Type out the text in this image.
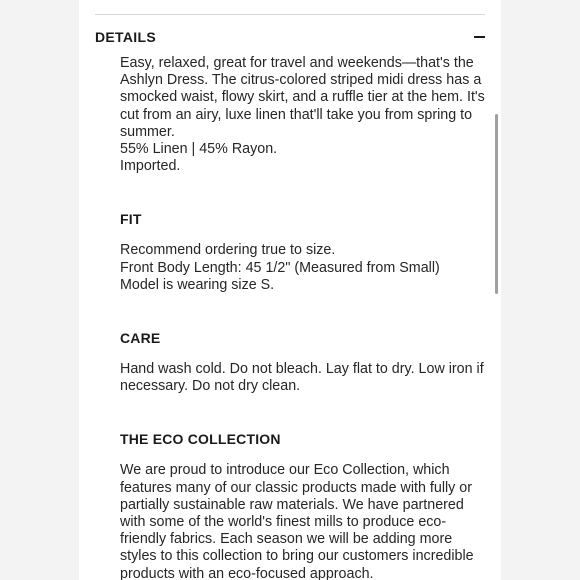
DETAILS

Easy, relaxed, great for travel and weekends—that's the Ashlyn Dress. The citrus-colored striped midi dress has a smocked waist, flowy skirt, and a ruffle tier at the hem. It's cut from an airy, luxe linen that'll take you from spring to summer.

55% Linen | 45% Rayon.

Imported.

FIT

Recommend ordering true to size.

Front Body Length: 45 1/2" (Measured from Small)

Model is wearing size S.

CARE

Hand wash cold. Do not bleach. Lay flat to dry. Low iron if necessary. Do not dry clean.

THE ECO COLLECTION

We are proud to introduce our Eco Collection, which features many of our classic products made with fully or partially sustainable raw materials. We have partnered with some of the world's finest mills to produce eco-friendly fabrics. Each season we will be adding more styles to this collection to bring our customers incredible products with an eco-focused approach.
